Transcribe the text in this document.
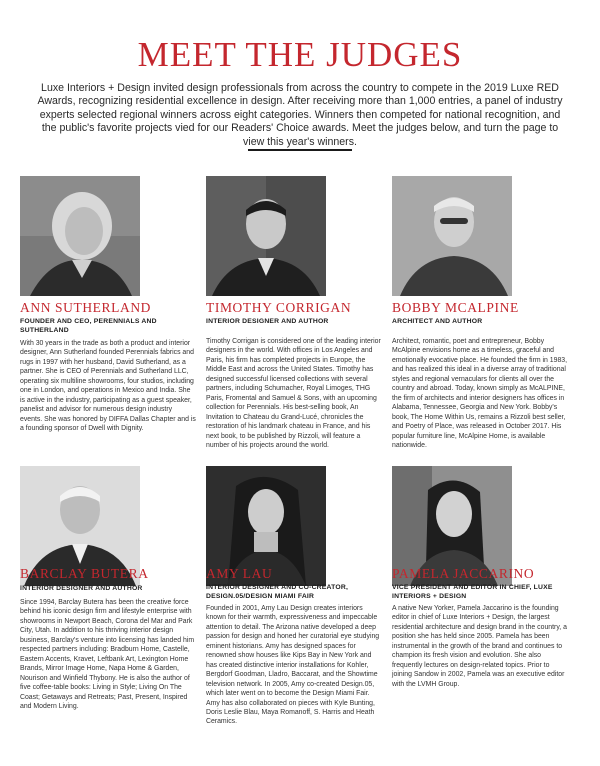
MEET THE JUDGES
Luxe Interiors + Design invited design professionals from across the country to compete in the 2019 Luxe RED Awards, recognizing residential excellence in design. After receiving more than 1,000 entries, a panel of industry experts selected regional winners across eight categories. Winners then competed for national recognition, and the public's favorite projects vied for our Readers' Choice awards. Meet the judges below, and turn the page to view this year's winners.
ANN SUTHERLAND
FOUNDER AND CEO, PERENNIALS AND SUTHERLAND
With 30 years in the trade as both a product and interior designer, Ann Sutherland founded Perennials fabrics and rugs in 1997 with her husband, David Sutherland, as a partner. She is CEO of Perennials and Sutherland LLC, operating six multiline showrooms, four studios, including one in London, and operations in Mexico and India. She is active in the industry, participating as a guest speaker, panelist and advisor for numerous design industry events. She was honored by DIFFA Dallas Chapter and is a founding sponsor of Dwell with Dignity.
TIMOTHY CORRIGAN
INTERIOR DESIGNER AND AUTHOR
Timothy Corrigan is considered one of the leading interior designers in the world. With offices in Los Angeles and Paris, his firm has completed projects in Europe, the Middle East and across the United States. Timothy has designed successful licensed collections with several partners, including Schumacher, Royal Limoges, THG Paris, Fromental and Samuel & Sons, with an upcoming collection for Perennials. His best-selling book, An Invitation to Chateau du Grand-Lucé, chronicles the restoration of his landmark chateau in France, and his next book, to be published by Rizzoli, will feature a number of his projects around the world.
BOBBY MCALPINE
ARCHITECT AND AUTHOR
Architect, romantic, poet and entrepreneur, Bobby McAlpine envisions home as a timeless, graceful and emotionally evocative place. He founded the firm in 1983, and has realized this ideal in a diverse array of traditional styles and regional vernaculars for clients all over the country and abroad. Today, known simply as McALPINE, the firm of architects and interior designers has offices in Alabama, Tennessee, Georgia and New York. Bobby's book, The Home Within Us, remains a Rizzoli best seller, and Poetry of Place, was released in October 2017. His popular furniture line, McAlpine Home, is available nationwide.
BARCLAY BUTERA
INTERIOR DESIGNER AND AUTHOR
Since 1994, Barclay Butera has been the creative force behind his iconic design firm and lifestyle enterprise with showrooms in Newport Beach, Corona del Mar and Park City, Utah. In addition to his thriving interior design business, Barclay's venture into licensing has landed him respected partners including: Bradburn Home, Castelle, Eastern Accents, Kravet, Leftbank Art, Lexington Home Brands, Mirror Image Home, Napa Home & Garden, Nourison and Winfield Thybony. He is also the author of five coffee-table books: Living in Style; Living On The Coast; Getaways and Retreats; Past, Present, Inspired and Modern Living.
AMY LAU
INTERIOR DESIGNER AND CO-CREATOR, DESIGN.05/DESIGN MIAMI FAIR
Founded in 2001, Amy Lau Design creates interiors known for their warmth, expressiveness and impeccable attention to detail. The Arizona native developed a deep passion for design and honed her curatorial eye studying eminent historians. Amy has designed spaces for renowned show houses like Kips Bay in New York and has created distinctive interior installations for Kohler, Bergdorf Goodman, Lladro, Baccarat, and the Showtime television network. In 2005, Amy co-created Design.05, which later went on to become the Design Miami Fair. Amy has also collaborated on pieces with Kyle Bunting, Doris Leslie Blau, Maya Romanoff, S. Harris and Heath Ceramics.
PAMELA JACCARINO
VICE PRESIDENT AND EDITOR IN CHIEF, LUXE INTERIORS + DESIGN
A native New Yorker, Pamela Jaccarino is the founding editor in chief of Luxe Interiors + Design, the largest residential architecture and design brand in the country, a position she has held since 2005. Pamela has been instrumental in the growth of the brand and continues to champion its fresh vision and evolution. She also frequently lectures on design-related topics. Prior to joining Sandow in 2002, Pamela was an executive editor with the LVMH Group.
